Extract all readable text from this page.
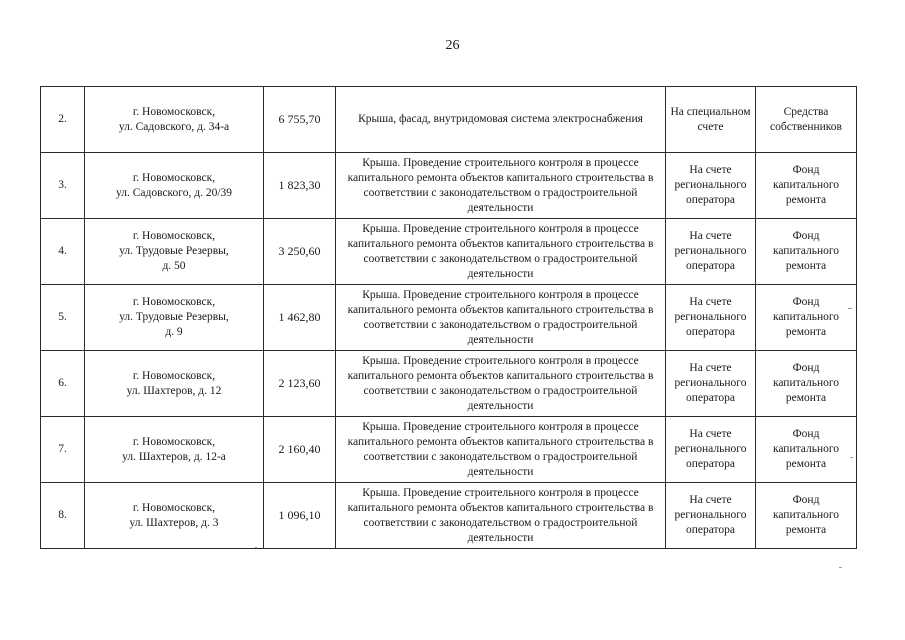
26
2.	г. Новомосковск,
ул. Садовского, д. 34-а	6 755,70	Крыша, фасад, внутридомовая система электроснабжения	На специальном счете	Средства собственников
3.	г. Новомосковск,
ул. Садовского, д. 20/39	1 823,30	Крыша. Проведение строительного контроля в процессе капитального ремонта объектов капитального строительства в соответствии с законодательством о градостроительной деятельности	На счете регионального оператора	Фонд капитального ремонта
4.	г. Новомосковск,
ул. Трудовые Резервы,
д. 50	3 250,60	Крыша. Проведение строительного контроля в процессе капитального ремонта объектов капитального строительства в соответствии с законодательством о градостроительной деятельности	На счете регионального оператора	Фонд капитального ремонта
5.	г. Новомосковск,
ул. Трудовые Резервы,
д. 9	1 462,80	Крыша. Проведение строительного контроля в процессе капитального ремонта объектов капитального строительства в соответствии с законодательством о градостроительной деятельности	На счете регионального оператора	Фонд капитального ремонта
6.	г. Новомосковск,
ул. Шахтеров, д. 12	2 123,60	Крыша. Проведение строительного контроля в процессе капитального ремонта объектов капитального строительства в соответствии с законодательством о градостроительной деятельности	На счете регионального оператора	Фонд капитального ремонта
7.	г. Новомосковск,
ул. Шахтеров, д. 12-а	2 160,40	Крыша. Проведение строительного контроля в процессе капитального ремонта объектов капитального строительства в соответствии с законодательством о градостроительной деятельности	На счете регионального оператора	Фонд капитального ремонта
8.	г. Новомосковск,
ул. Шахтеров, д. 3	1 096,10	Крыша. Проведение строительного контроля в процессе капитального ремонта объектов капитального строительства в соответствии с законодательством о градостроительной деятельности	На счете регионального оператора	Фонд капитального ремонта
